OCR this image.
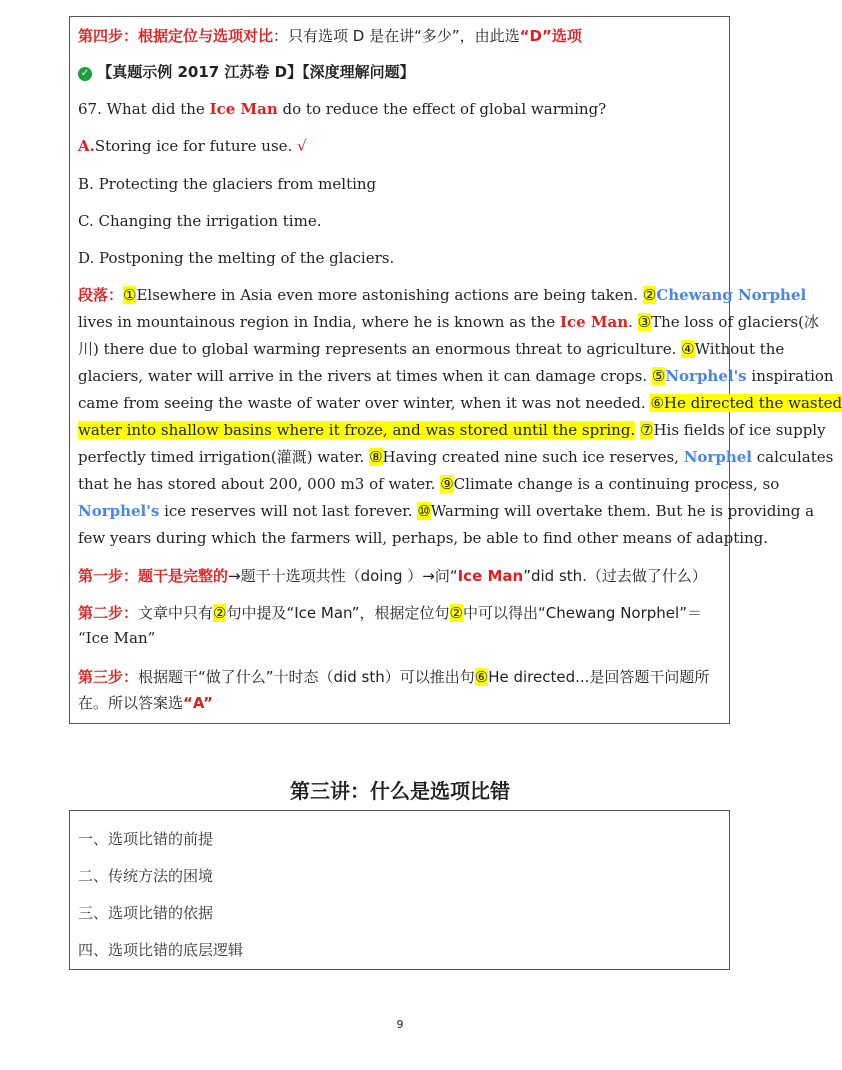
第四步：根据定位与选项对比：只有选项 D 是在讲“多少”，由此选“D”选项
✓ 【真题示例 2017 江苏卷 D】【深度理解问题】
67. What did the Ice Man do to reduce the effect of global warming?
A.Storing ice for future use. √
B. Protecting the glaciers from melting
C. Changing the irrigation time.
D. Postponing the melting of the glaciers.
段落：①Elsewhere in Asia even more astonishing actions are being taken. ②Chewang Norphel
lives in mountainous region in India, where he is known as the Ice Man. ③The loss of glaciers(冰
川) there due to global warming represents an enormous threat to agriculture. ④Without the
glaciers, water will arrive in the rivers at times when it can damage crops. ⑤Norphel's inspiration
came from seeing the waste of water over winter, when it was not needed. ⑥He directed the wasted
water into shallow basins where it froze, and was stored until the spring. ⑦His fields of ice supply
perfectly timed irrigation(灌溉) water. ⑧Having created nine such ice reserves, Norphel calculates
that he has stored about 200, 000 m3 of water. ⑨Climate change is a continuing process, so
Norphel's ice reserves will not last forever. ⑩Warming will overtake them. But he is providing a
few years during which the farmers will, perhaps, be able to find other means of adapting.
第一步：题干是完整的→题干十选项共性（doing ）→问“Ice Man”did sth.（过去做了什么）
第二步：文章中只有②句中提及“Ice Man”，根据定位句②中可以得出“Chewang Norphel”＝
“Ice Man”
第三步：根据题干“做了什么”十时态（did sth）可以推出句⑥He directed...是回答题干问题所
在。所以答案选“A”
第三讲：什么是选项比错
一、选项比错的前提
二、传统方法的困境
三、选项比错的依据
四、选项比错的底层逻辑
9
